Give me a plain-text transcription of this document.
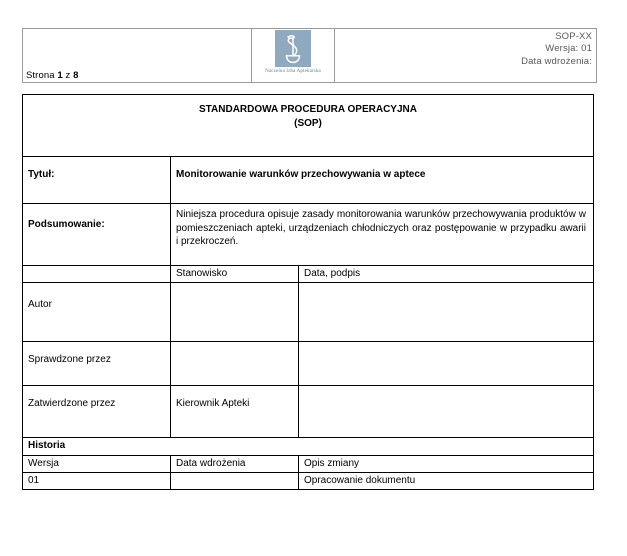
Strona 1 z 8	Naczelna Izba Aptekarska

SOP-XX
Wersja: 01
Data wdrożenia:
STANDARDOWA PROCEDURA OPERACYJNA
(SOP)		

Tytuł:	Monitorowanie warunków przechowywania w aptece	
Podsumowanie:	Niniejsza procedura opisuje zasady monitorowania warunków przechowywania produktów w pomieszczeniach apteki, urządzeniach chłodniczych oraz postępowanie w przypadku awarii i przekroczeń.	
	Stanowisko	Data, podpis
Autor		
Sprawdzone przez		
Zatwierdzone przez	Kierownik Apteki	
Historia		
Wersja	Data wdrożenia	Opis zmiany
01		Opracowanie dokumentu
